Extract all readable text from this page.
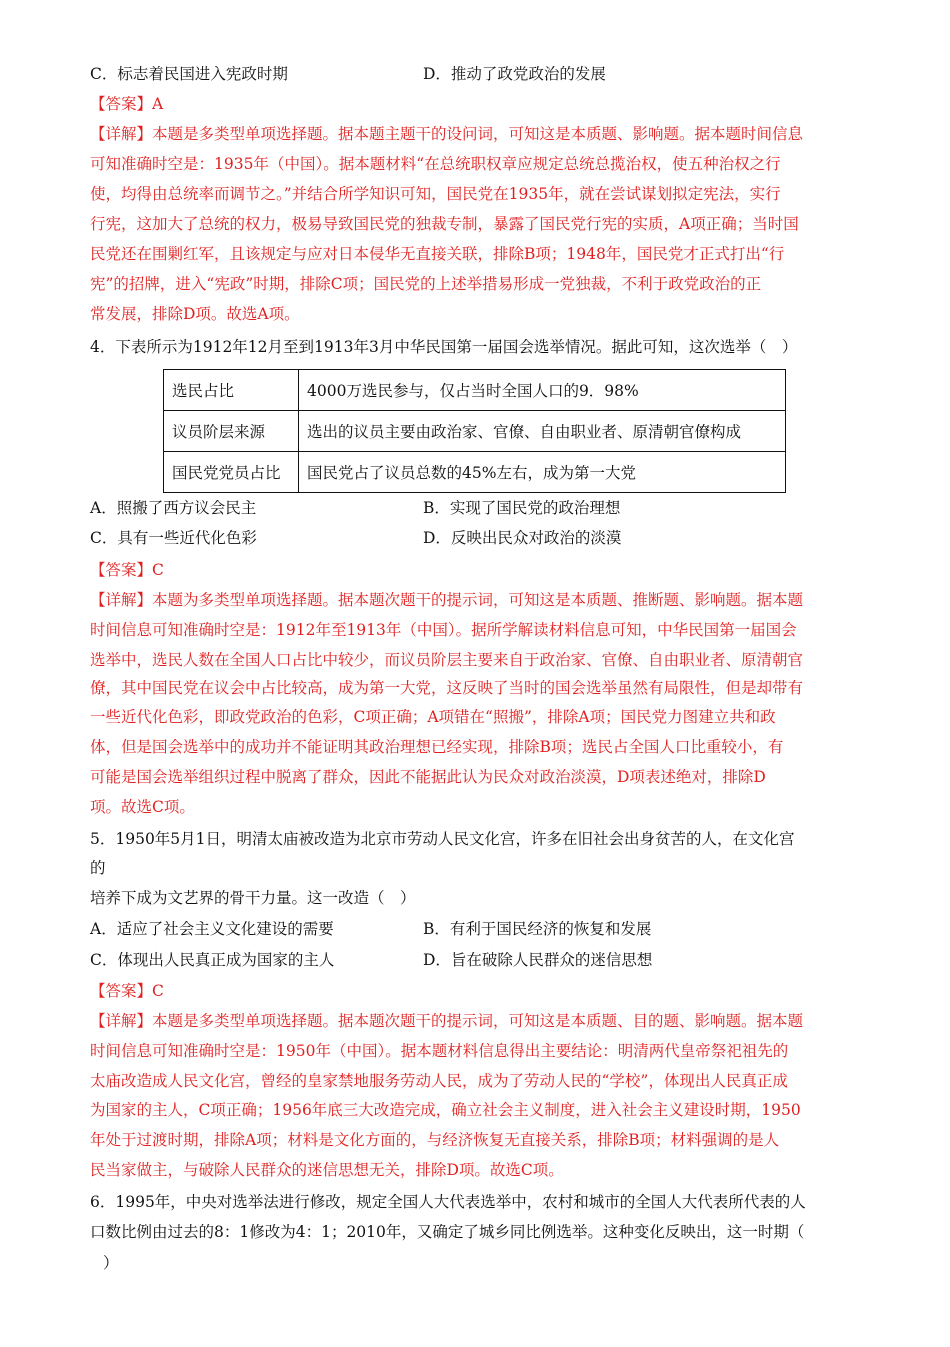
C．标志着民国进入宪政时期	D．推动了政党政治的发展
【答案】A
【详解】本题是多类型单项选择题。据本题主题干的设问词，可知这是本质题、影响题。据本题时间信息
可知准确时空是：1935年（中国）。据本题材料“在总统职权章应规定总统总揽治权，使五种治权之行
使，均得由总统率而调节之。”并结合所学知识可知，国民党在1935年，就在尝试谋划拟定宪法，实行
行宪，这加大了总统的权力，极易导致国民党的独裁专制，暴露了国民党行宪的实质，A项正确；当时国
民党还在围剿红军，且该规定与应对日本侵华无直接关联，排除B项；1948年，国民党才正式打出“行
宪”的招牌，进入“宪政”时期，排除C项；国民党的上述举措易形成一党独裁，不利于政党政治的正
常发展，排除D项。故选A项。
4．下表所示为1912年12月至到1913年3月中华民国第一届国会选举情况。据此可知，这次选举（　）
选民占比	4000万选民参与，仅占当时全国人口的9．98%
议员阶层来源	选出的议员主要由政治家、官僚、自由职业者、原清朝官僚构成
国民党党员占比	国民党占了议员总数的45%左右，成为第一大党
A．照搬了西方议会民主	B．实现了国民党的政治理想
C．具有一些近代化色彩	D．反映出民众对政治的淡漠
【答案】C
【详解】本题为多类型单项选择题。据本题次题干的提示词，可知这是本质题、推断题、影响题。据本题
时间信息可知准确时空是：1912年至1913年（中国）。据所学解读材料信息可知，中华民国第一届国会
选举中，选民人数在全国人口占比中较少，而议员阶层主要来自于政治家、官僚、自由职业者、原清朝官
僚，其中国民党在议会中占比较高，成为第一大党，这反映了当时的国会选举虽然有局限性，但是却带有
一些近代化色彩，即政党政治的色彩，C项正确；A项错在“照搬”，排除A项；国民党力图建立共和政
体，但是国会选举中的成功并不能证明其政治理想已经实现，排除B项；选民占全国人口比重较小，有
可能是国会选举组织过程中脱离了群众，因此不能据此认为民众对政治淡漠，D项表述绝对，排除D
项。故选C项。
5．1950年5月1日，明清太庙被改造为北京市劳动人民文化宫，许多在旧社会出身贫苦的人，在文化宫
的
培养下成为文艺界的骨干力量。这一改造（　）
A．适应了社会主义文化建设的需要	B．有利于国民经济的恢复和发展
C．体现出人民真正成为国家的主人	D．旨在破除人民群众的迷信思想
【答案】C
【详解】本题是多类型单项选择题。据本题次题干的提示词，可知这是本质题、目的题、影响题。据本题
时间信息可知准确时空是：1950年（中国）。据本题材料信息得出主要结论：明清两代皇帝祭祀祖先的
太庙改造成人民文化宫，曾经的皇家禁地服务劳动人民，成为了劳动人民的“学校”，体现出人民真正成
为国家的主人，C项正确；1956年底三大改造完成，确立社会主义制度，进入社会主义建设时期，1950
年处于过渡时期，排除A项；材料是文化方面的，与经济恢复无直接关系，排除B项；材料强调的是人
民当家做主，与破除人民群众的迷信思想无关，排除D项。故选C项。
6．1995年，中央对选举法进行修改，规定全国人大代表选举中，农村和城市的全国人大代表所代表的人
口数比例由过去的8：1修改为4：1；2010年，又确定了城乡同比例选举。这种变化反映出，这一时期（
）
